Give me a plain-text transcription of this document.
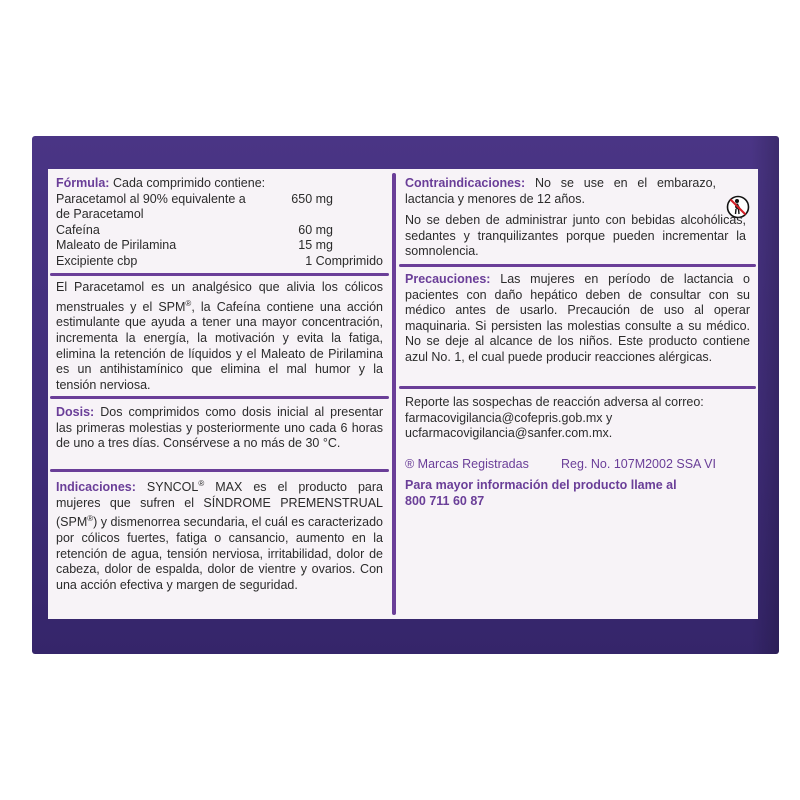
Fórmula: Cada comprimido contiene:
Paracetamol al 90% equivalente a	650 mg
de Paracetamol
Cafeína	60 mg
Maleato de Pirilamina	15 mg
Excipiente cbp	1 Comprimido

El Paracetamol es un analgésico que alivia los cólicos menstruales y el SPM®, la Cafeína contiene una acción estimulante que ayuda a tener una mayor concentración, incrementa la energía, la motivación y evita la fatiga, elimina la retención de líquidos y el Maleato de Pirilamina es un antihistamínico que elimina el mal humor y la tensión nerviosa.

Dosis: Dos comprimidos como dosis inicial al presentar las primeras molestias y posteriormente uno cada 6 horas de uno a tres días. Consérvese a no más de 30 °C.

Indicaciones: SYNCOL® MAX es el producto para mujeres que sufren el SÍNDROME PREMENSTRUAL (SPM®) y dismenorrea secundaria, el cuál es caracterizado por cólicos fuertes, fatiga o cansancio, aumento en la retención de agua, tensión nerviosa, irritabilidad, dolor de cabeza, dolor de espalda, dolor de vientre y ovarios. Con una acción efectiva y margen de seguridad.

Contraindicaciones: No se use en el embarazo, lactancia y menores de 12 años.

No se deben de administrar junto con bebidas alcohólicas, sedantes y tranquilizantes porque pueden incrementar la somnolencia.

Precauciones: Las mujeres en período de lactancia o pacientes con daño hepático deben de consultar con su médico antes de usarlo. Precaución de uso al operar maquinaria. Si persisten las molestias consulte a su médico. No se deje al alcance de los niños. Este producto contiene azul No. 1, el cual puede producir reacciones alérgicas.

Reporte las sospechas de reacción adversa al correo:
farmacovigilancia@cofepris.gob.mx y
ucfarmacovigilancia@sanfer.com.mx.
® Marcas Registradas	Reg. No. 107M2002 SSA VI
Para mayor información del producto llame al
800 711 60 87
